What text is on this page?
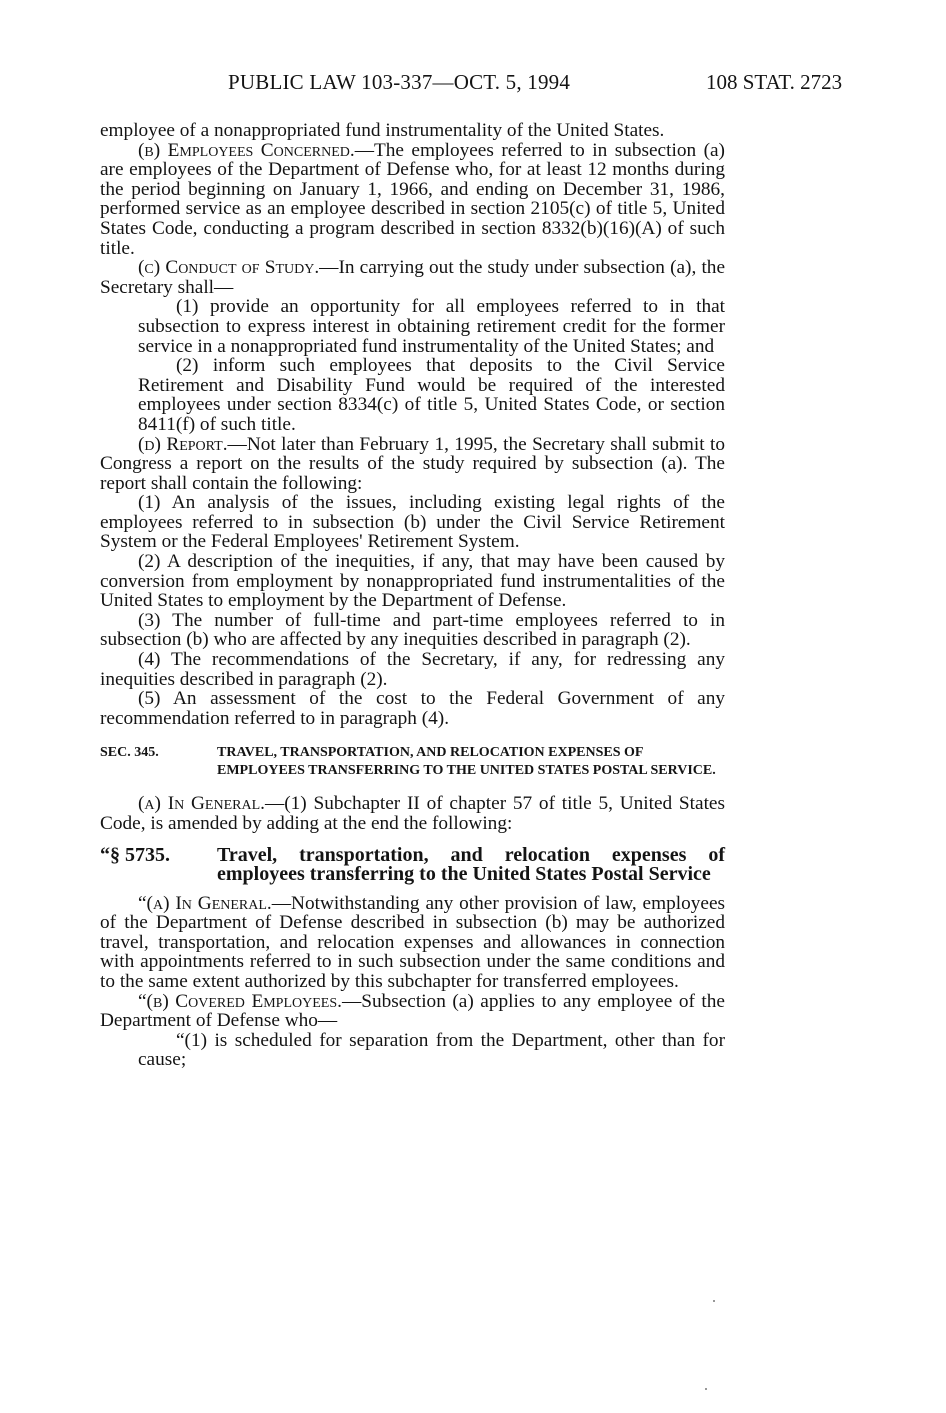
PUBLIC LAW 103-337—OCT. 5, 1994	108 STAT. 2723

employee of a nonappropriated fund instrumentality of the United States.

(b) Employees Concerned.—The employees referred to in subsection (a) are employees of the Department of Defense who, for at least 12 months during the period beginning on January 1, 1966, and ending on December 31, 1986, performed service as an employee described in section 2105(c) of title 5, United States Code, conducting a program described in section 8332(b)(16)(A) of such title.

(c) Conduct of Study.—In carrying out the study under subsection (a), the Secretary shall—

(1) provide an opportunity for all employees referred to in that subsection to express interest in obtaining retirement credit for the former service in a nonappropriated fund instrumentality of the United States; and

(2) inform such employees that deposits to the Civil Service Retirement and Disability Fund would be required of the interested employees under section 8334(c) of title 5, United States Code, or section 8411(f) of such title.

(d) Report.—Not later than February 1, 1995, the Secretary shall submit to Congress a report on the results of the study required by subsection (a). The report shall contain the following:

(1) An analysis of the issues, including existing legal rights of the employees referred to in subsection (b) under the Civil Service Retirement System or the Federal Employees' Retirement System.

(2) A description of the inequities, if any, that may have been caused by conversion from employment by nonappropriated fund instrumentalities of the United States to employment by the Department of Defense.

(3) The number of full-time and part-time employees referred to in subsection (b) who are affected by any inequities described in paragraph (2).

(4) The recommendations of the Secretary, if any, for redressing any inequities described in paragraph (2).

(5) An assessment of the cost to the Federal Government of any recommendation referred to in paragraph (4).

SEC. 345.	TRAVEL, TRANSPORTATION, AND RELOCATION EXPENSES OF EMPLOYEES TRANSFERRING TO THE UNITED STATES POSTAL SERVICE.

(a) In General.—(1) Subchapter II of chapter 57 of title 5, United States Code, is amended by adding at the end the following:

“§ 5735. Travel, transportation, and relocation expenses of employees transferring to the United States Postal Service

“(a) In General.—Notwithstanding any other provision of law, employees of the Department of Defense described in subsection (b) may be authorized travel, transportation, and relocation expenses and allowances in connection with appointments referred to in such subsection under the same conditions and to the same extent authorized by this subchapter for transferred employees.

“(b) Covered Employees.—Subsection (a) applies to any employee of the Department of Defense who—

“(1) is scheduled for separation from the Department, other than for cause;
